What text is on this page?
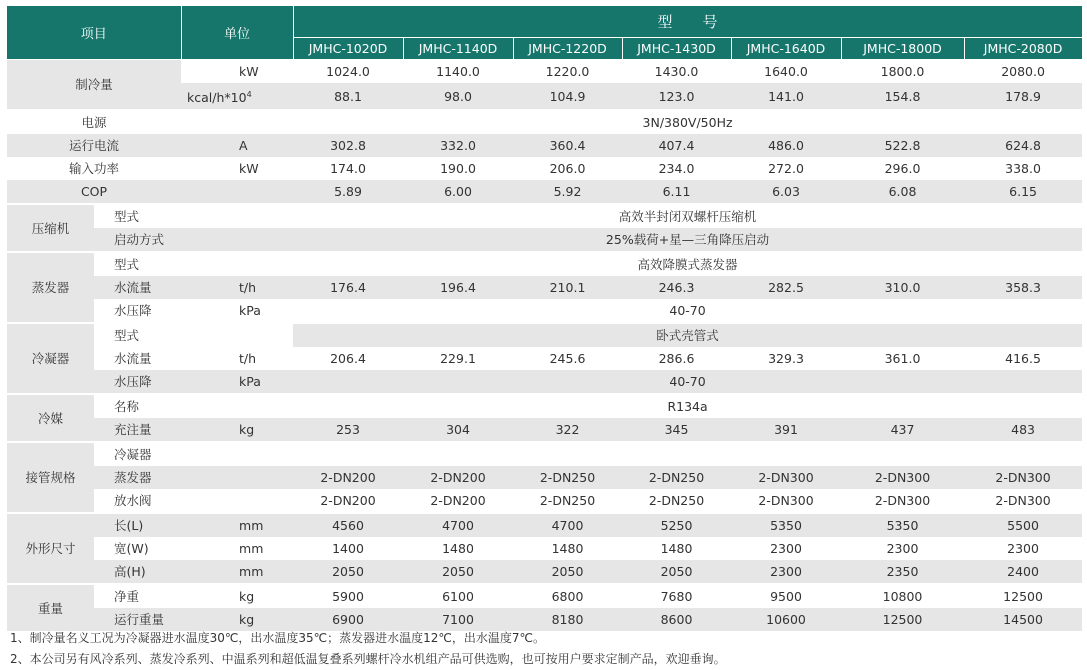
项目		单位	型　　号						
			JMHC-1020D	JMHC-1140D	JMHC-1220D	JMHC-1430D	JMHC-1640D	JMHC-1800D	JMHC-2080D
制冷量		kW	1024.0	1140.0	1220.0	1430.0	1640.0	1800.0	2080.0
		kcal/$h*10^4$	88.1	98.0	104.9	123.0	141.0	154.8	178.9
电源			3N/380V/50Hz						
运行电流		A	302.8	332.0	360.4	407.4	486.0	522.8	624.8
输入功率		kW	174.0	190.0	206.0	234.0	272.0	296.0	338.0
COP			5.89	6.00	5.92	6.11	6.03	6.08	6.15
压缩机	型式		高效半封闭双螺杆压缩机						
	启动方式		25%载荷+星—三角降压启动						
蒸发器	型式		高效降膜式蒸发器						
	水流量	t/h	176.4	196.4	210.1	246.3	282.5	310.0	358.3
	水压降	kPa	40-70						
冷凝器	型式		卧式壳管式						
	水流量	t/h	206.4	229.1	245.6	286.6	329.3	361.0	416.5
	水压降	kPa	40-70						
冷媒	名称		R134a						
	充注量	kg	253	304	322	345	391	437	483
接管规格	冷凝器								
	蒸发器		2-DN200	2-DN200	2-DN250	2-DN250	2-DN300	2-DN300	2-DN300
	放水阀		2-DN200	2-DN200	2-DN250	2-DN250	2-DN300	2-DN300	2-DN300
外形尺寸	长(L)	mm	4560	4700	4700	5250	5350	5350	5500
	宽(W)	mm	1400	1480	1480	1480	2300	2300	2300
	高(H)	mm	2050	2050	2050	2050	2300	2350	2400
重量	净重	kg	5900	6100	6800	7680	9500	10800	12500
	运行重量	kg	6900	7100	8180	8600	10600	12500	14500
1、制冷量名义工况为冷凝器进水温度30℃，出水温度35℃；蒸发器进水温度12℃，出水温度7℃。
2、本公司另有风冷系列、蒸发冷系列、中温系列和超低温复叠系列螺杆冷水机组产品可供选购，也可按用户要求定制产品，欢迎垂询。
